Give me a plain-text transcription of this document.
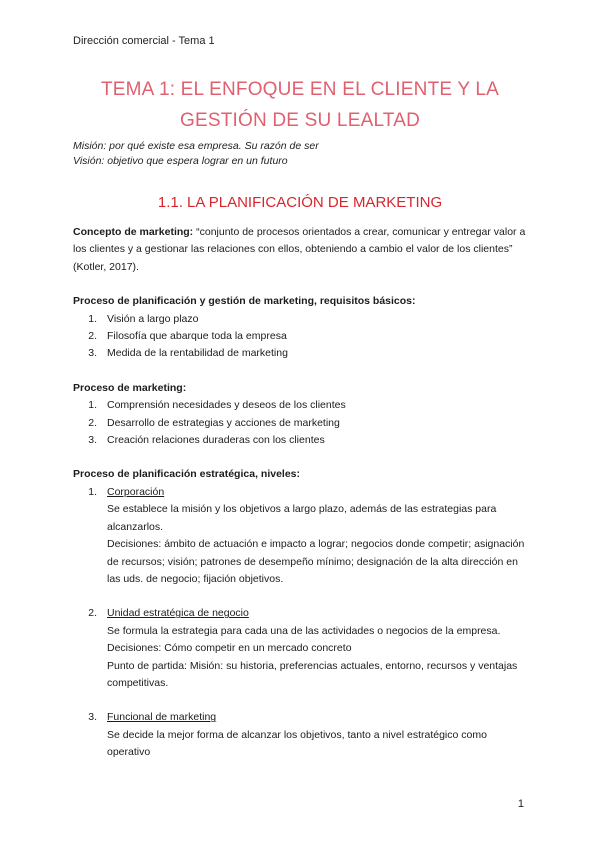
Dirección comercial - Tema 1
TEMA 1: EL ENFOQUE EN EL CLIENTE Y LA
GESTIÓN DE SU LEALTAD
Misión: por qué existe esa empresa. Su razón de ser
Visión: objetivo que espera lograr en un futuro
1.1. LA PLANIFICACIÓN DE MARKETING
Concepto de marketing: “conjunto de procesos orientados a crear, comunicar y entregar valor a los clientes y a gestionar las relaciones con ellos, obteniendo a cambio el valor de los clientes” (Kotler, 2017).
Proceso de planificación y gestión de marketing, requisitos básicos:
1. Visión a largo plazo
2. Filosofía que abarque toda la empresa
3. Medida de la rentabilidad de marketing
Proceso de marketing:
1. Comprensión necesidades y deseos de los clientes
2. Desarrollo de estrategias y acciones de marketing
3. Creación relaciones duraderas con los clientes
Proceso de planificación estratégica, niveles:
1. Corporación
Se establece la misión y los objetivos a largo plazo, además de las estrategias para alcanzarlos.
Decisiones: ámbito de actuación e impacto a lograr; negocios donde competir; asignación de recursos; visión; patrones de desempeño mínimo; designación de la alta dirección en las uds. de negocio; fijación objetivos.
2. Unidad estratégica de negocio
Se formula la estrategia para cada una de las actividades o negocios de la empresa.
Decisiones: Cómo competir en un mercado concreto
Punto de partida: Misión: su historia, preferencias actuales, entorno, recursos y ventajas competitivas.
3. Funcional de marketing
Se decide la mejor forma de alcanzar los objetivos, tanto a nivel estratégico como operativo
1
